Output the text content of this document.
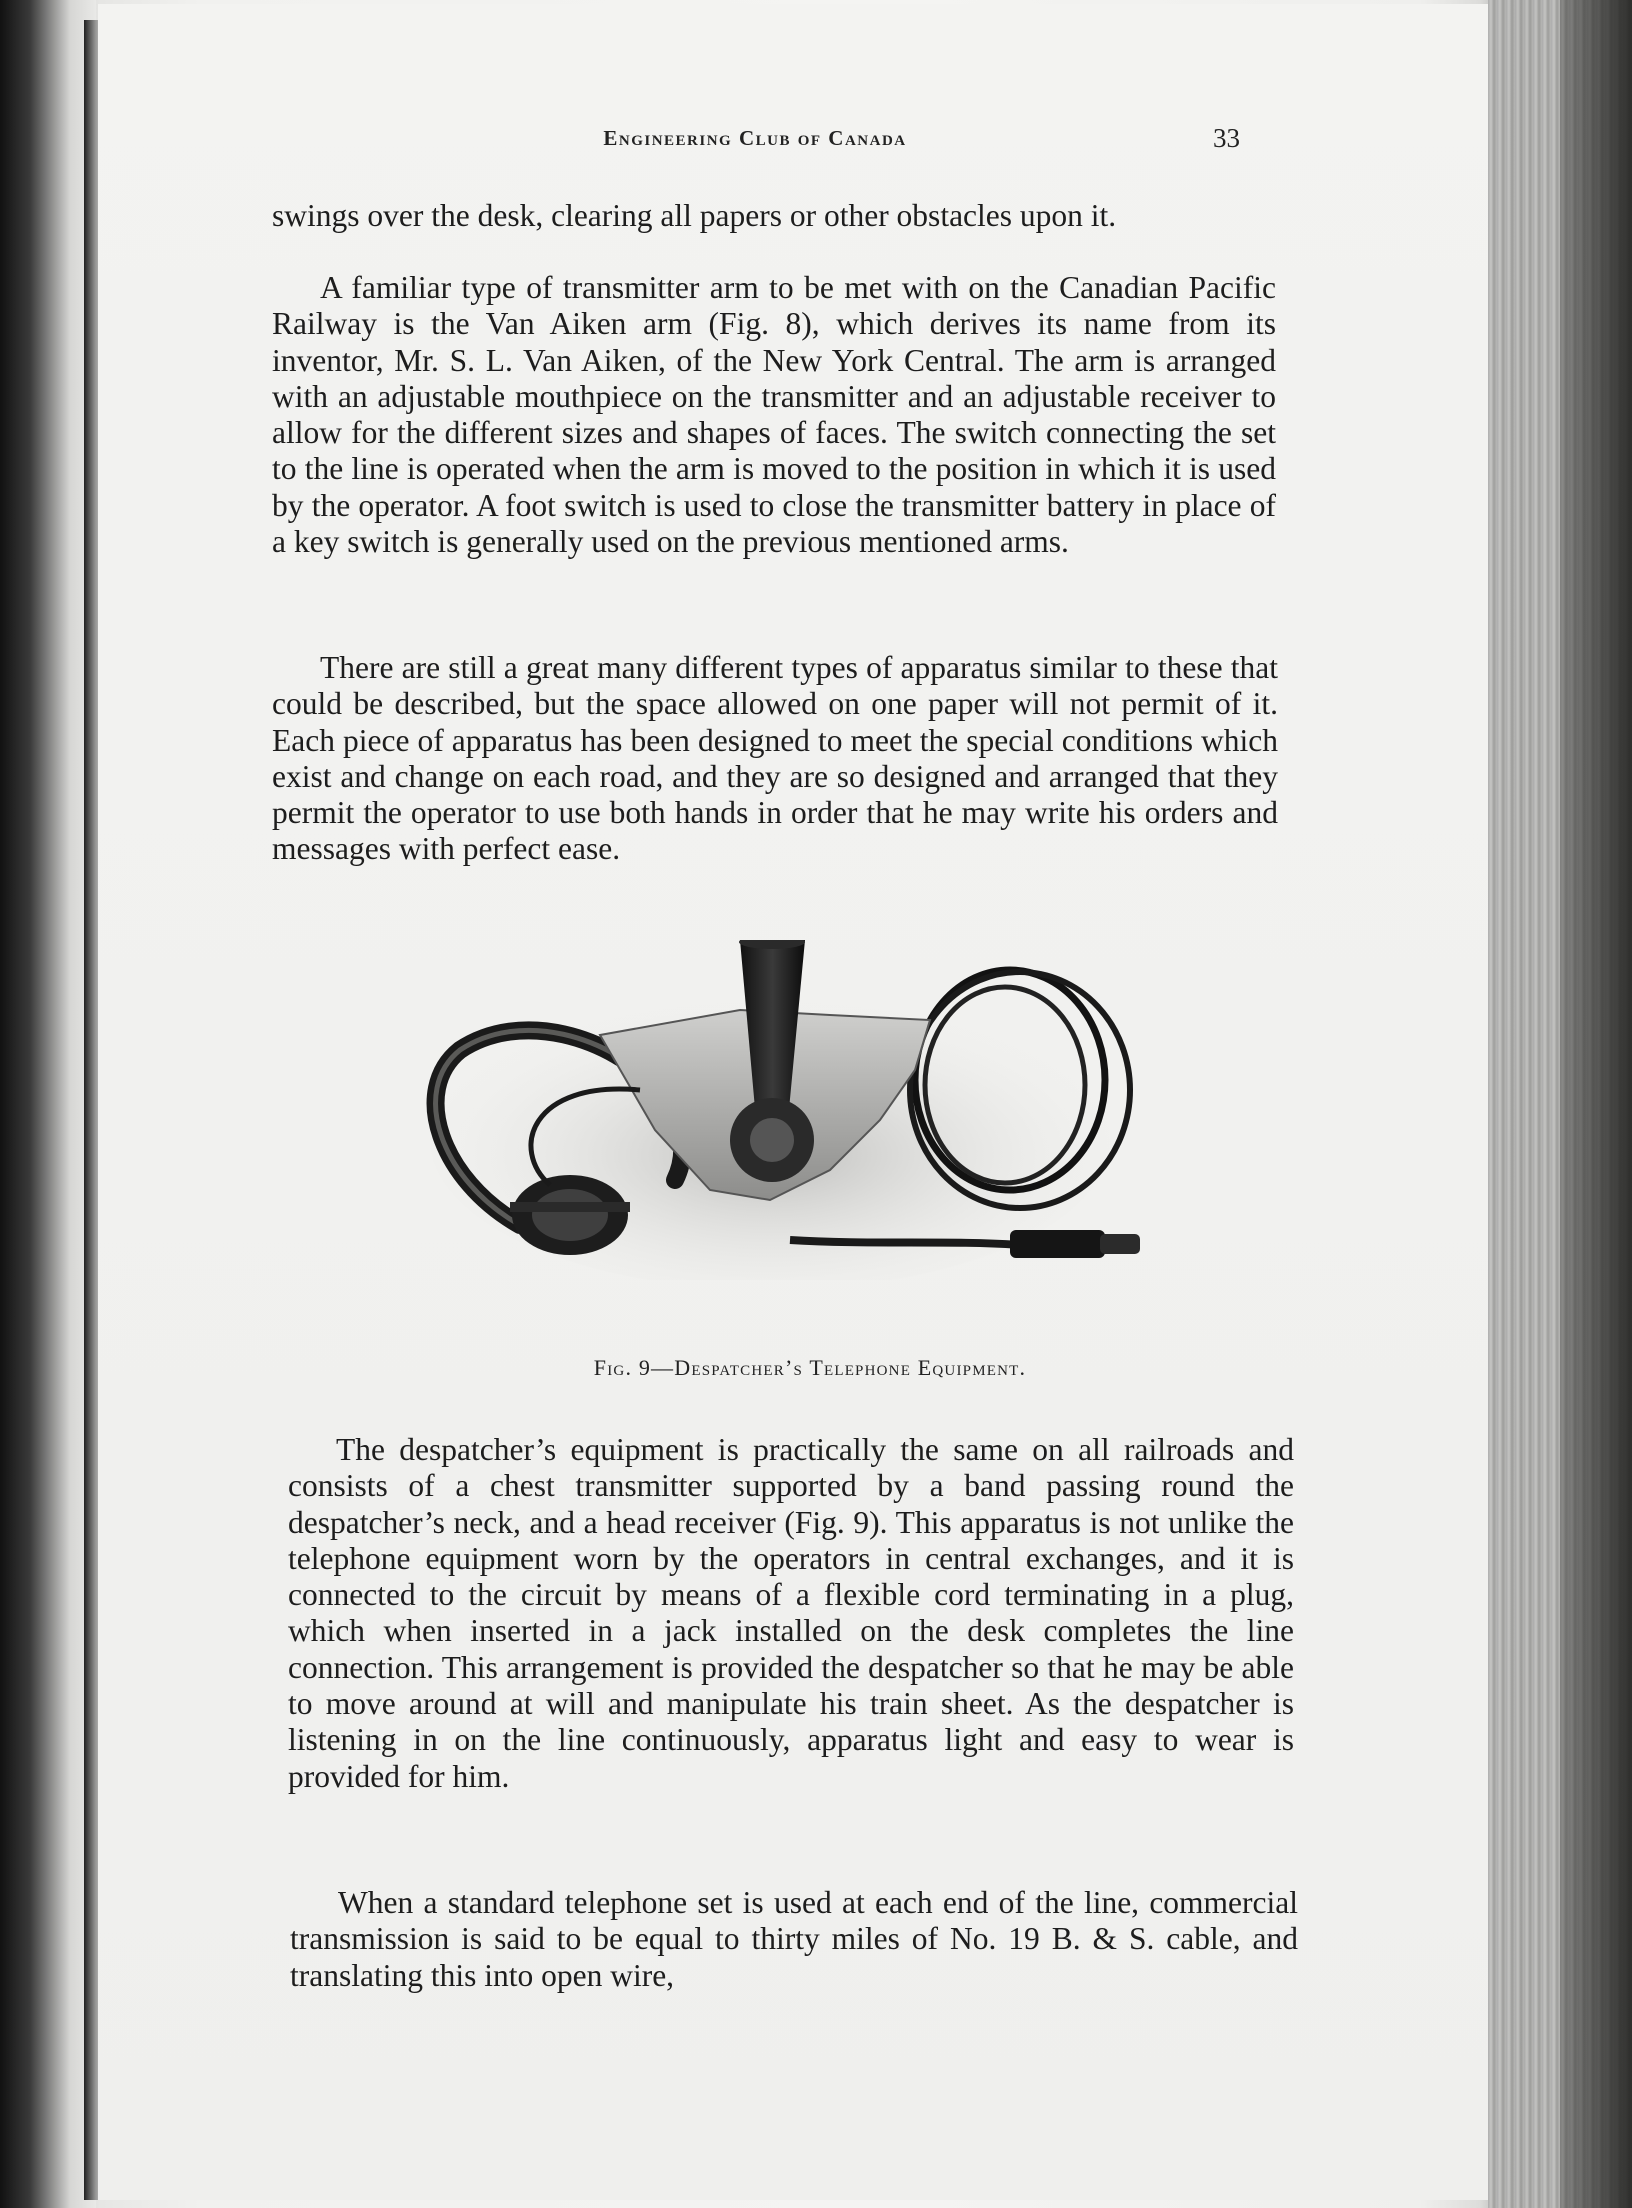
Engineering Club of Canada	33

swings over the desk, clearing all papers or other obstacles upon it.

A familiar type of transmitter arm to be met with on the Canadian Pacific Railway is the Van Aiken arm (Fig. 8), which derives its name from its inventor, Mr. S. L. Van Aiken, of the New York Central. The arm is arranged with an adjustable mouthpiece on the transmitter and an adjustable receiver to allow for the different sizes and shapes of faces. The switch connecting the set to the line is operated when the arm is moved to the position in which it is used by the operator. A foot switch is used to close the transmitter battery in place of a key switch is generally used on the previous mentioned arms.

There are still a great many different types of apparatus similar to these that could be described, but the space allowed on one paper will not permit of it. Each piece of apparatus has been designed to meet the special conditions which exist and change on each road, and they are so designed and arranged that they permit the operator to use both hands in order that he may write his orders and messages with perfect ease.

Fig. 9—Despatcher’s Telephone Equipment.

The despatcher’s equipment is practically the same on all railroads and consists of a chest transmitter supported by a band passing round the despatcher’s neck, and a head receiver (Fig. 9). This apparatus is not unlike the telephone equipment worn by the operators in central exchanges, and it is connected to the circuit by means of a flexible cord terminating in a plug, which when inserted in a jack installed on the desk completes the line connection. This arrangement is provided the despatcher so that he may be able to move around at will and manipulate his train sheet. As the despatcher is listening in on the line continuously, apparatus light and easy to wear is provided for him.

When a standard telephone set is used at each end of the line, commercial transmission is said to be equal to thirty miles of No. 19 B. & S. cable, and translating this into open wire,
